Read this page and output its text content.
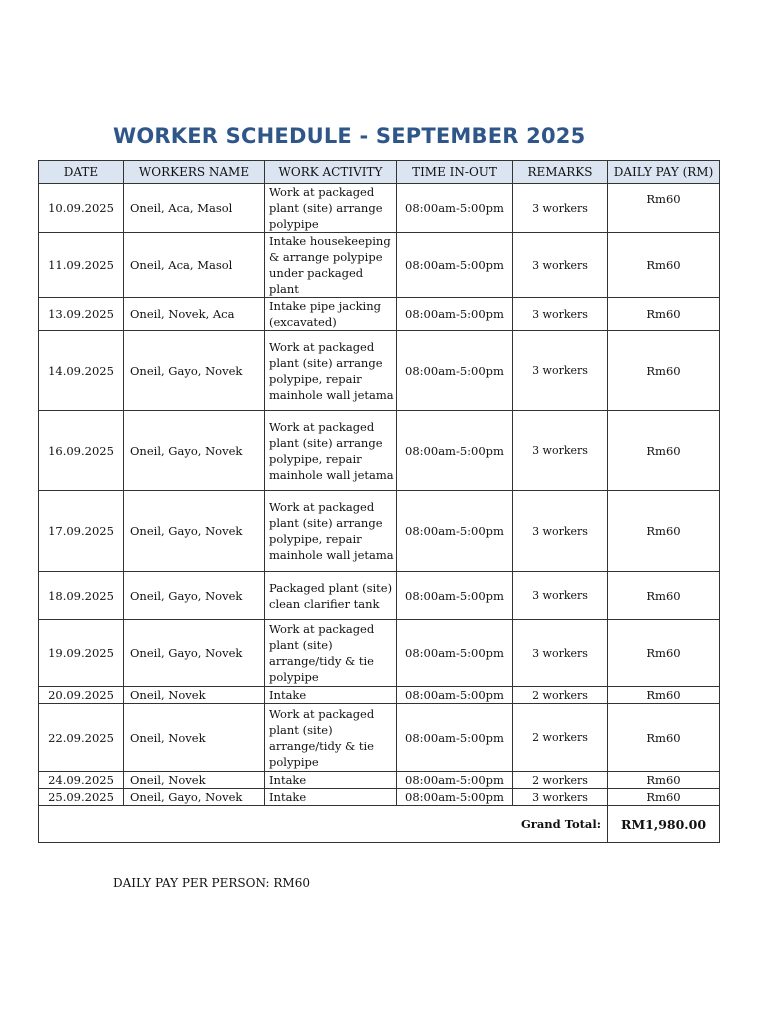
WORKER SCHEDULE - SEPTEMBER 2025
DATE	WORKERS NAME	WORK ACTIVITY	TIME IN-OUT	REMARKS	DAILY PAY (RM)
10.09.2025	Oneil, Aca, Masol	Work at packaged plant (site) arrange polypipe	08:00am-5:00pm	3 workers	Rm60
11.09.2025	Oneil, Aca, Masol	Intake housekeeping & arrange polypipe under packaged plant	08:00am-5:00pm	3 workers	Rm60
13.09.2025	Oneil, Novek, Aca	Intake pipe jacking (excavated)	08:00am-5:00pm	3 workers	Rm60
14.09.2025	Oneil, Gayo, Novek	Work at packaged plant (site) arrange polypipe, repair mainhole wall jetama	08:00am-5:00pm	3 workers	Rm60
16.09.2025	Oneil, Gayo, Novek	Work at packaged plant (site) arrange polypipe, repair mainhole wall jetama	08:00am-5:00pm	3 workers	Rm60
17.09.2025	Oneil, Gayo, Novek	Work at packaged plant (site) arrange polypipe, repair mainhole wall jetama	08:00am-5:00pm	3 workers	Rm60
18.09.2025	Oneil, Gayo, Novek	Packaged plant (site) clean clarifier tank	08:00am-5:00pm	3 workers	Rm60
19.09.2025	Oneil, Gayo, Novek	Work at packaged plant (site) arrange/tidy & tie polypipe	08:00am-5:00pm	3 workers	Rm60
20.09.2025	Oneil, Novek	Intake	08:00am-5:00pm	2 workers	Rm60
22.09.2025	Oneil, Novek	Work at packaged plant (site) arrange/tidy & tie polypipe	08:00am-5:00pm	2 workers	Rm60
24.09.2025	Oneil, Novek	Intake	08:00am-5:00pm	2 workers	Rm60
25.09.2025	Oneil, Gayo, Novek	Intake	08:00am-5:00pm	3 workers	Rm60
Grand Total:					RM1,980.00
DAILY PAY PER PERSON: RM60
